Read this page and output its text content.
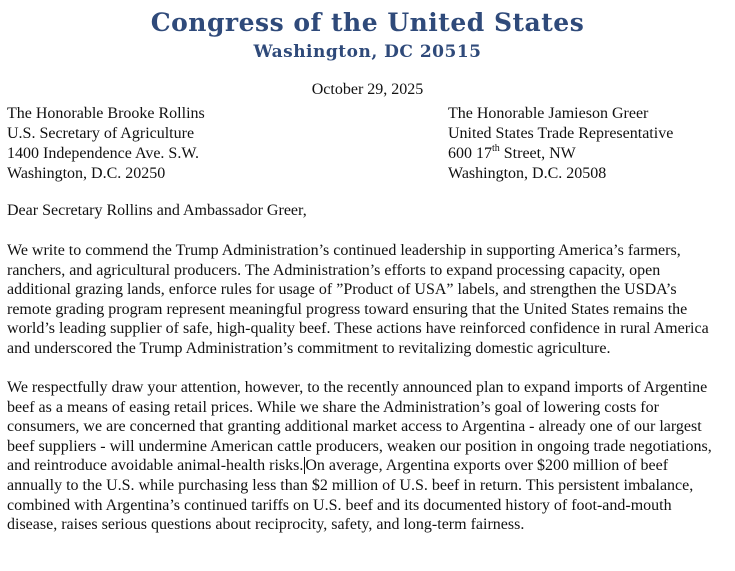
Congress of the United States
Washington, DC 20515
October 29, 2025
The Honorable Brooke Rollins
U.S. Secretary of Agriculture
1400 Independence Ave. S.W.
Washington, D.C. 20250
The Honorable Jamieson Greer
United States Trade Representative
600 17th Street, NW
Washington, D.C. 20508
Dear Secretary Rollins and Ambassador Greer,

We write to commend the Trump Administration’s continued leadership in supporting America’s farmers, ranchers, and agricultural producers. The Administration’s efforts to expand processing capacity, open additional grazing lands, enforce rules for usage of ”Product of USA” labels, and strengthen the USDA’s remote grading program represent meaningful progress toward ensuring that the United States remains the world’s leading supplier of safe, high-quality beef. These actions have reinforced confidence in rural America and underscored the Trump Administration’s commitment to revitalizing domestic agriculture.

We respectfully draw your attention, however, to the recently announced plan to expand imports of Argentine beef as a means of easing retail prices. While we share the Administration’s goal of lowering costs for consumers, we are concerned that granting additional market access to Argentina - already one of our largest beef suppliers - will undermine American cattle producers, weaken our position in ongoing trade negotiations, and reintroduce avoidable animal-health risks. On average, Argentina exports over $200 million of beef annually to the U.S. while purchasing less than $2 million of U.S. beef in return. This persistent imbalance, combined with Argentina’s continued tariffs on U.S. beef and its documented history of foot-and-mouth disease, raises serious questions about reciprocity, safety, and long-term fairness.
